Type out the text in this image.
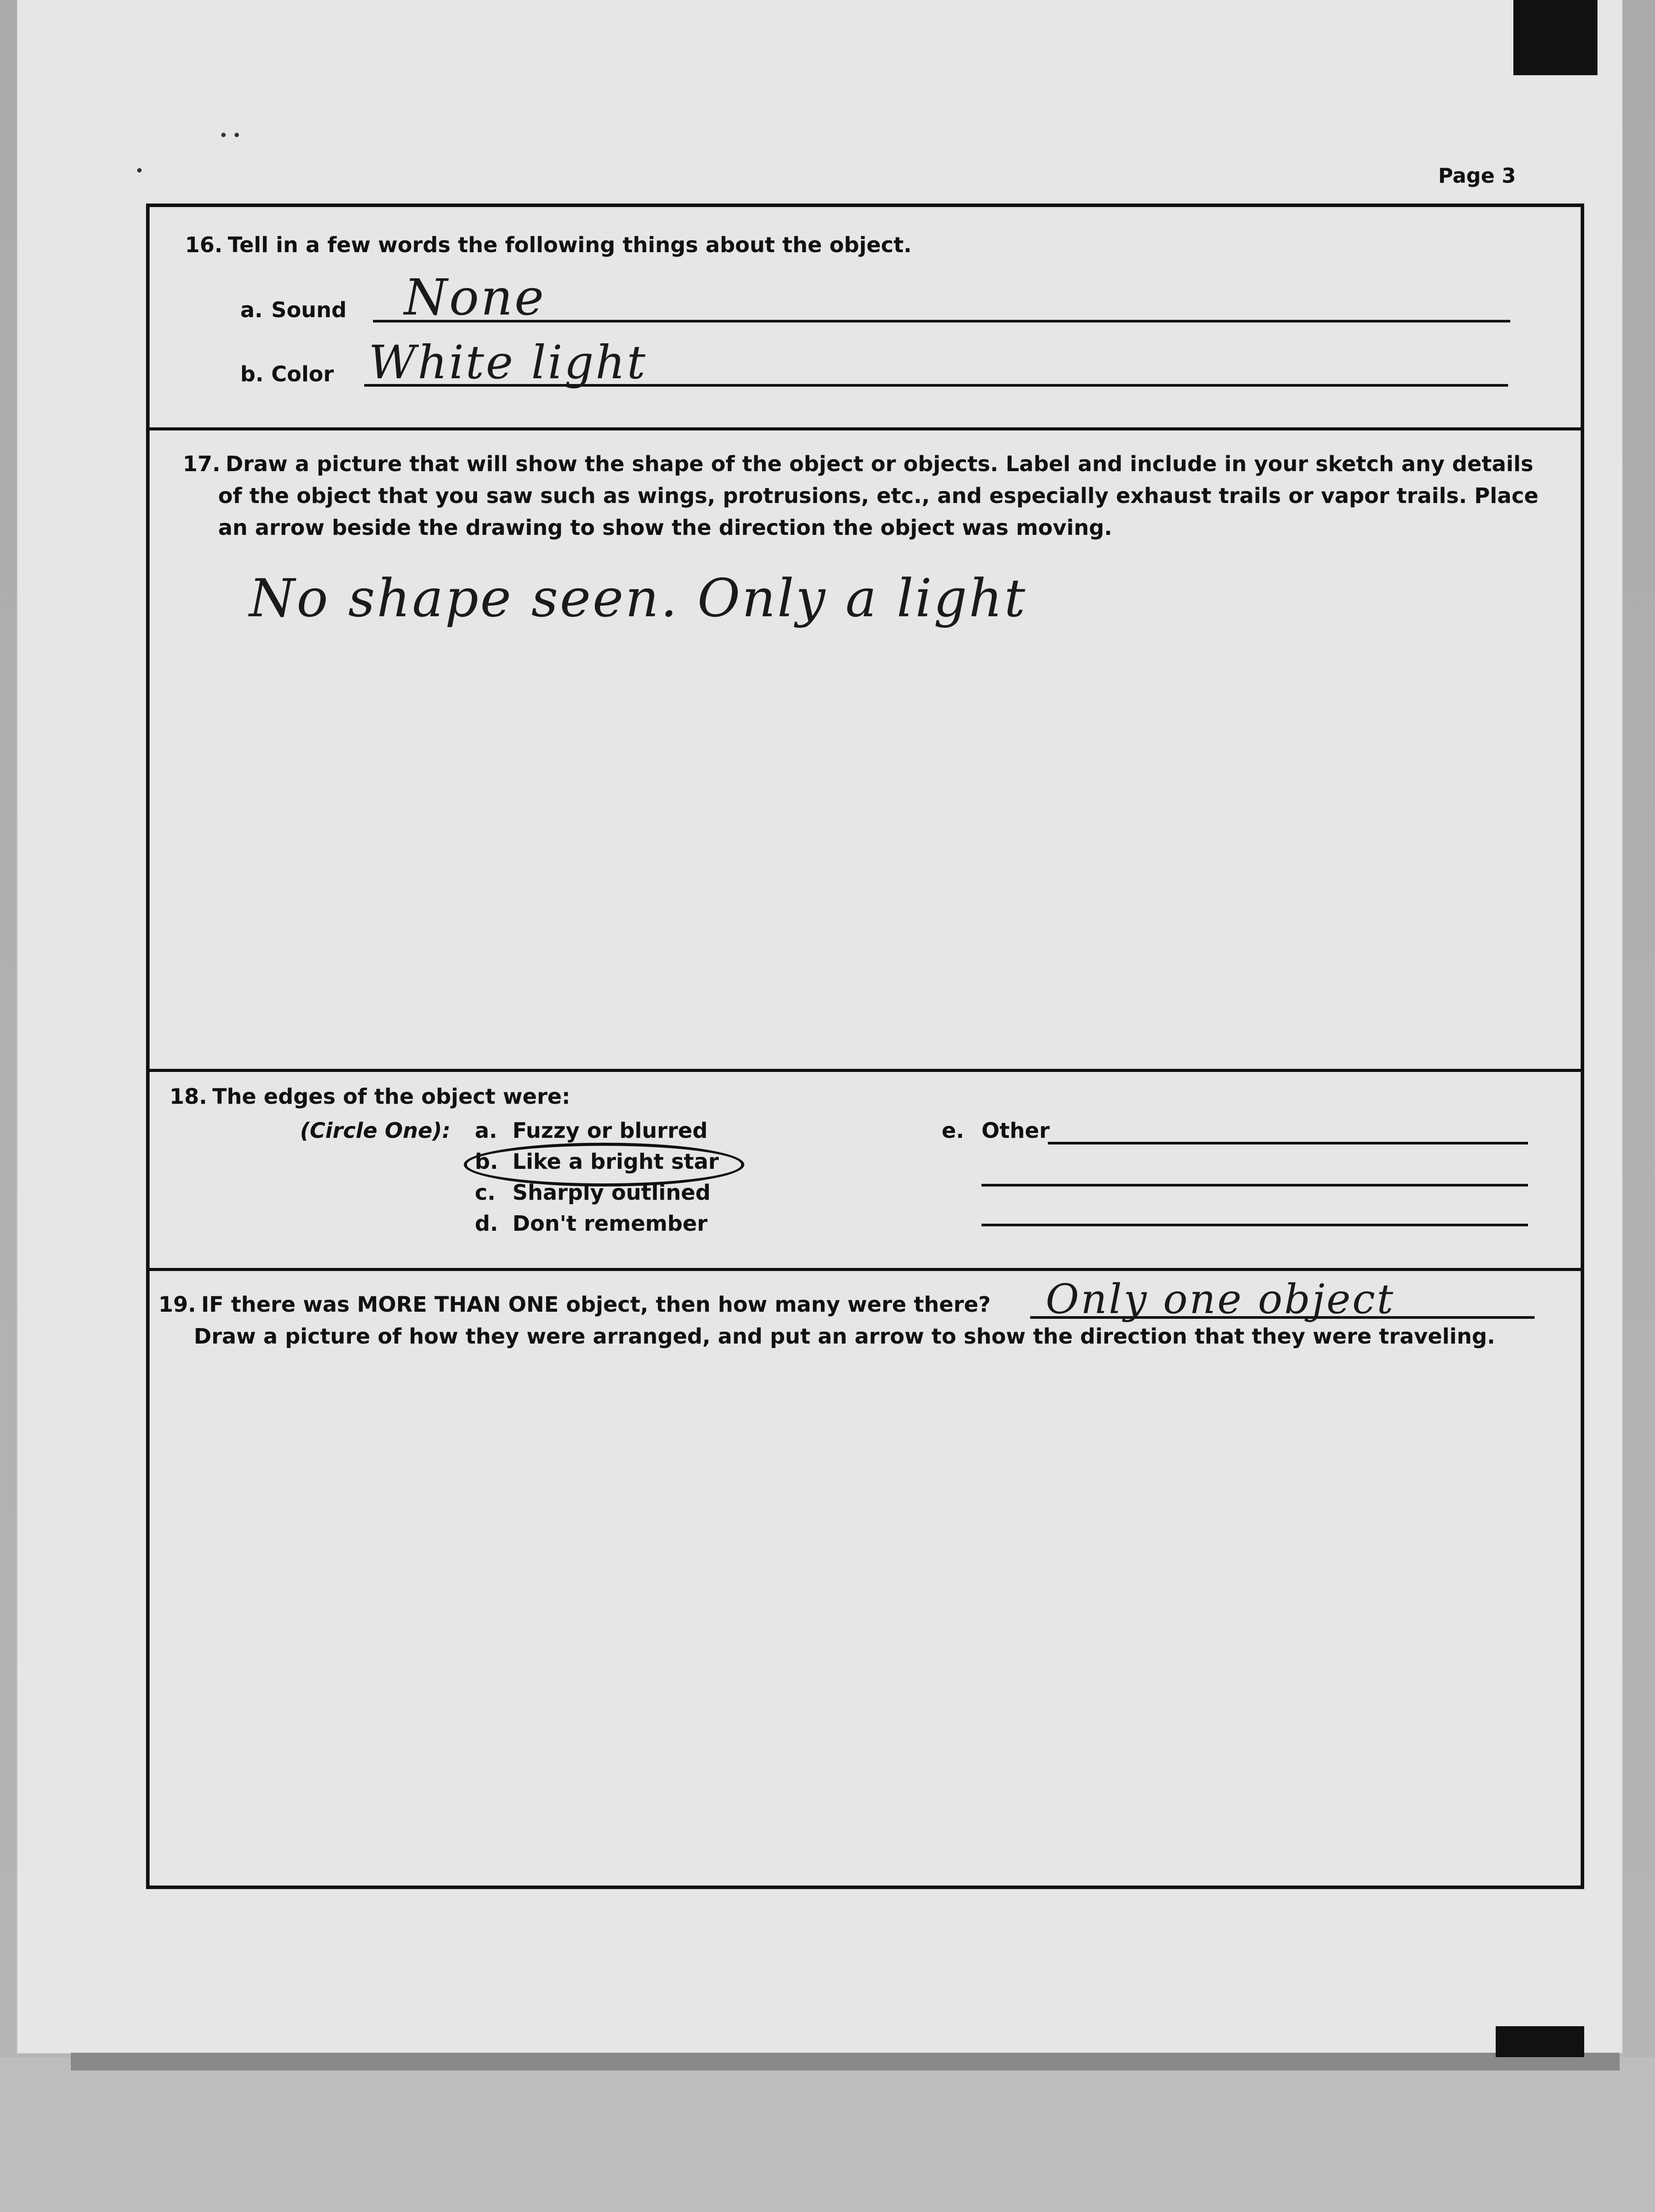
Page 3
16. Tell in a few words the following things about the object.
a. Sound None
b. Color White light
17. Draw a picture that will show the shape of the object or objects. Label and include in your sketch any details
of the object that you saw such as wings, protrusions, etc., and especially exhaust trails or vapor trails. Place
an arrow beside the drawing to show the direction the object was moving.
No shape seen. Only a light
18. The edges of the object were:
(Circle One): a. Fuzzy or blurred
b. Like a bright star
c. Sharply outlined
d. Don't remember
e. Other
19. IF there was MORE THAN ONE object, then how many were there? Only one object
Draw a picture of how they were arranged, and put an arrow to show the direction that they were traveling.
